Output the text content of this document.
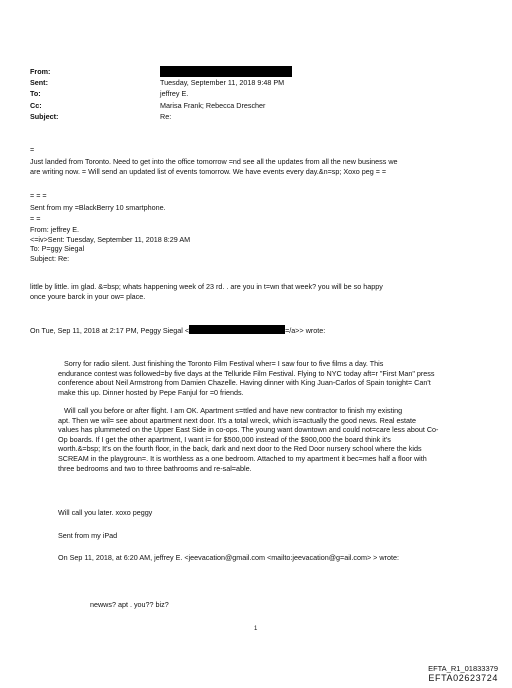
From:
Sent:	Tuesday, September 11, 2018 9:48 PM
To:	jeffrey E.
Cc:	Marisa Frank; Rebecca Drescher
Subject:	Re:
=
Just landed from Toronto. Need to get into the office tomorrow =nd see all the updates from all the new business we
are writing now. = Will send an updated list of events tomorrow. We have events every day.&n=sp; Xoxo peg = =
= = =
Sent from my =BlackBerry 10 smartphone.
= =
From: jeffrey E.
<=iv>Sent: Tuesday, September 11, 2018 8:29 AM
To: P=ggy Siegal
Subject: Re:
little by little. im glad. &=bsp; whats happening week of 23 rd. . are you in t=wn that week? you will be so happy
once youre barck in your ow= place.
On Tue, Sep 11, 2018 at 2:17 PM, Peggy Siegal <	=/a>> wrote:
Sorry for radio silent. Just finishing the Toronto Film Festival wher= I saw four to five films a day. This
endurance contest was followed=by five days at the Telluride Film Festival. Flying to NYC today aft=r "First Man" press
conference about Neil Armstrong from Damien Chazelle. Having dinner with King Juan-Carlos of Spain tonight= Can't
make this up. Dinner hosted by Pepe Fanjul for =0 friends.
Will call you before or after flight. I am OK. Apartment s=ttled and have new contractor to finish my existing
apt. Then we wil= see about apartment next door. It's a total wreck, which is=actually the good news. Real estate
values has plummeted on the Upper East Side in co-ops. The young want downtown and could not=care less about Co-
Op boards. If I get the other apartment, I want i= for $500,000 instead of the $900,000 the board think it's
worth.&=bsp; It's on the fourth floor, in the back, dark and next door to the Red Door nursery school where the kids
SCREAM in the playgroun=. It is worthless as a one bedroom. Attached to my apartment it bec=mes half a floor with
three bedrooms and two to three bathrooms and re-sal=able.
Will call you later. xoxo peggy
Sent from my iPad
On Sep 11, 2018, at 6:20 AM, jeffrey E. <jeevacation@gmail.com <mailto:jeevacation@g=ail.com> > wrote:
newws? apt . you?? biz?
1
EFTA_R1_01833379
EFTA02623724
